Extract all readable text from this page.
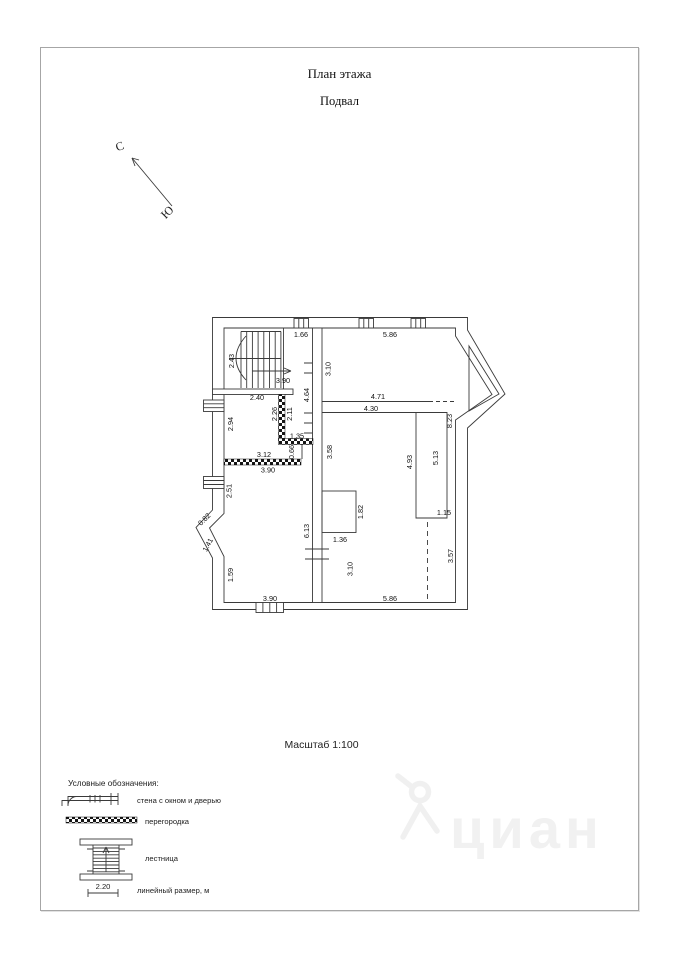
План этажа
Подвал
циан
С
Ю
1.66	5.86
2.43
3.10
3.90
2.40	4.64
2.26 2.11
2.94
4.71
4.30
8.23
1.35
0.66
3.12	3.58
3.90
4.93 5.13
2.51
1.15
0.82
1.41
1.82
6.13
1.36
1.59	3.10
3.57
3.90	5.86
Условные обозначения:
стена с окном и дверью
перегородка
лестница
2.20	линейный размер, м
Масштаб 1:100
